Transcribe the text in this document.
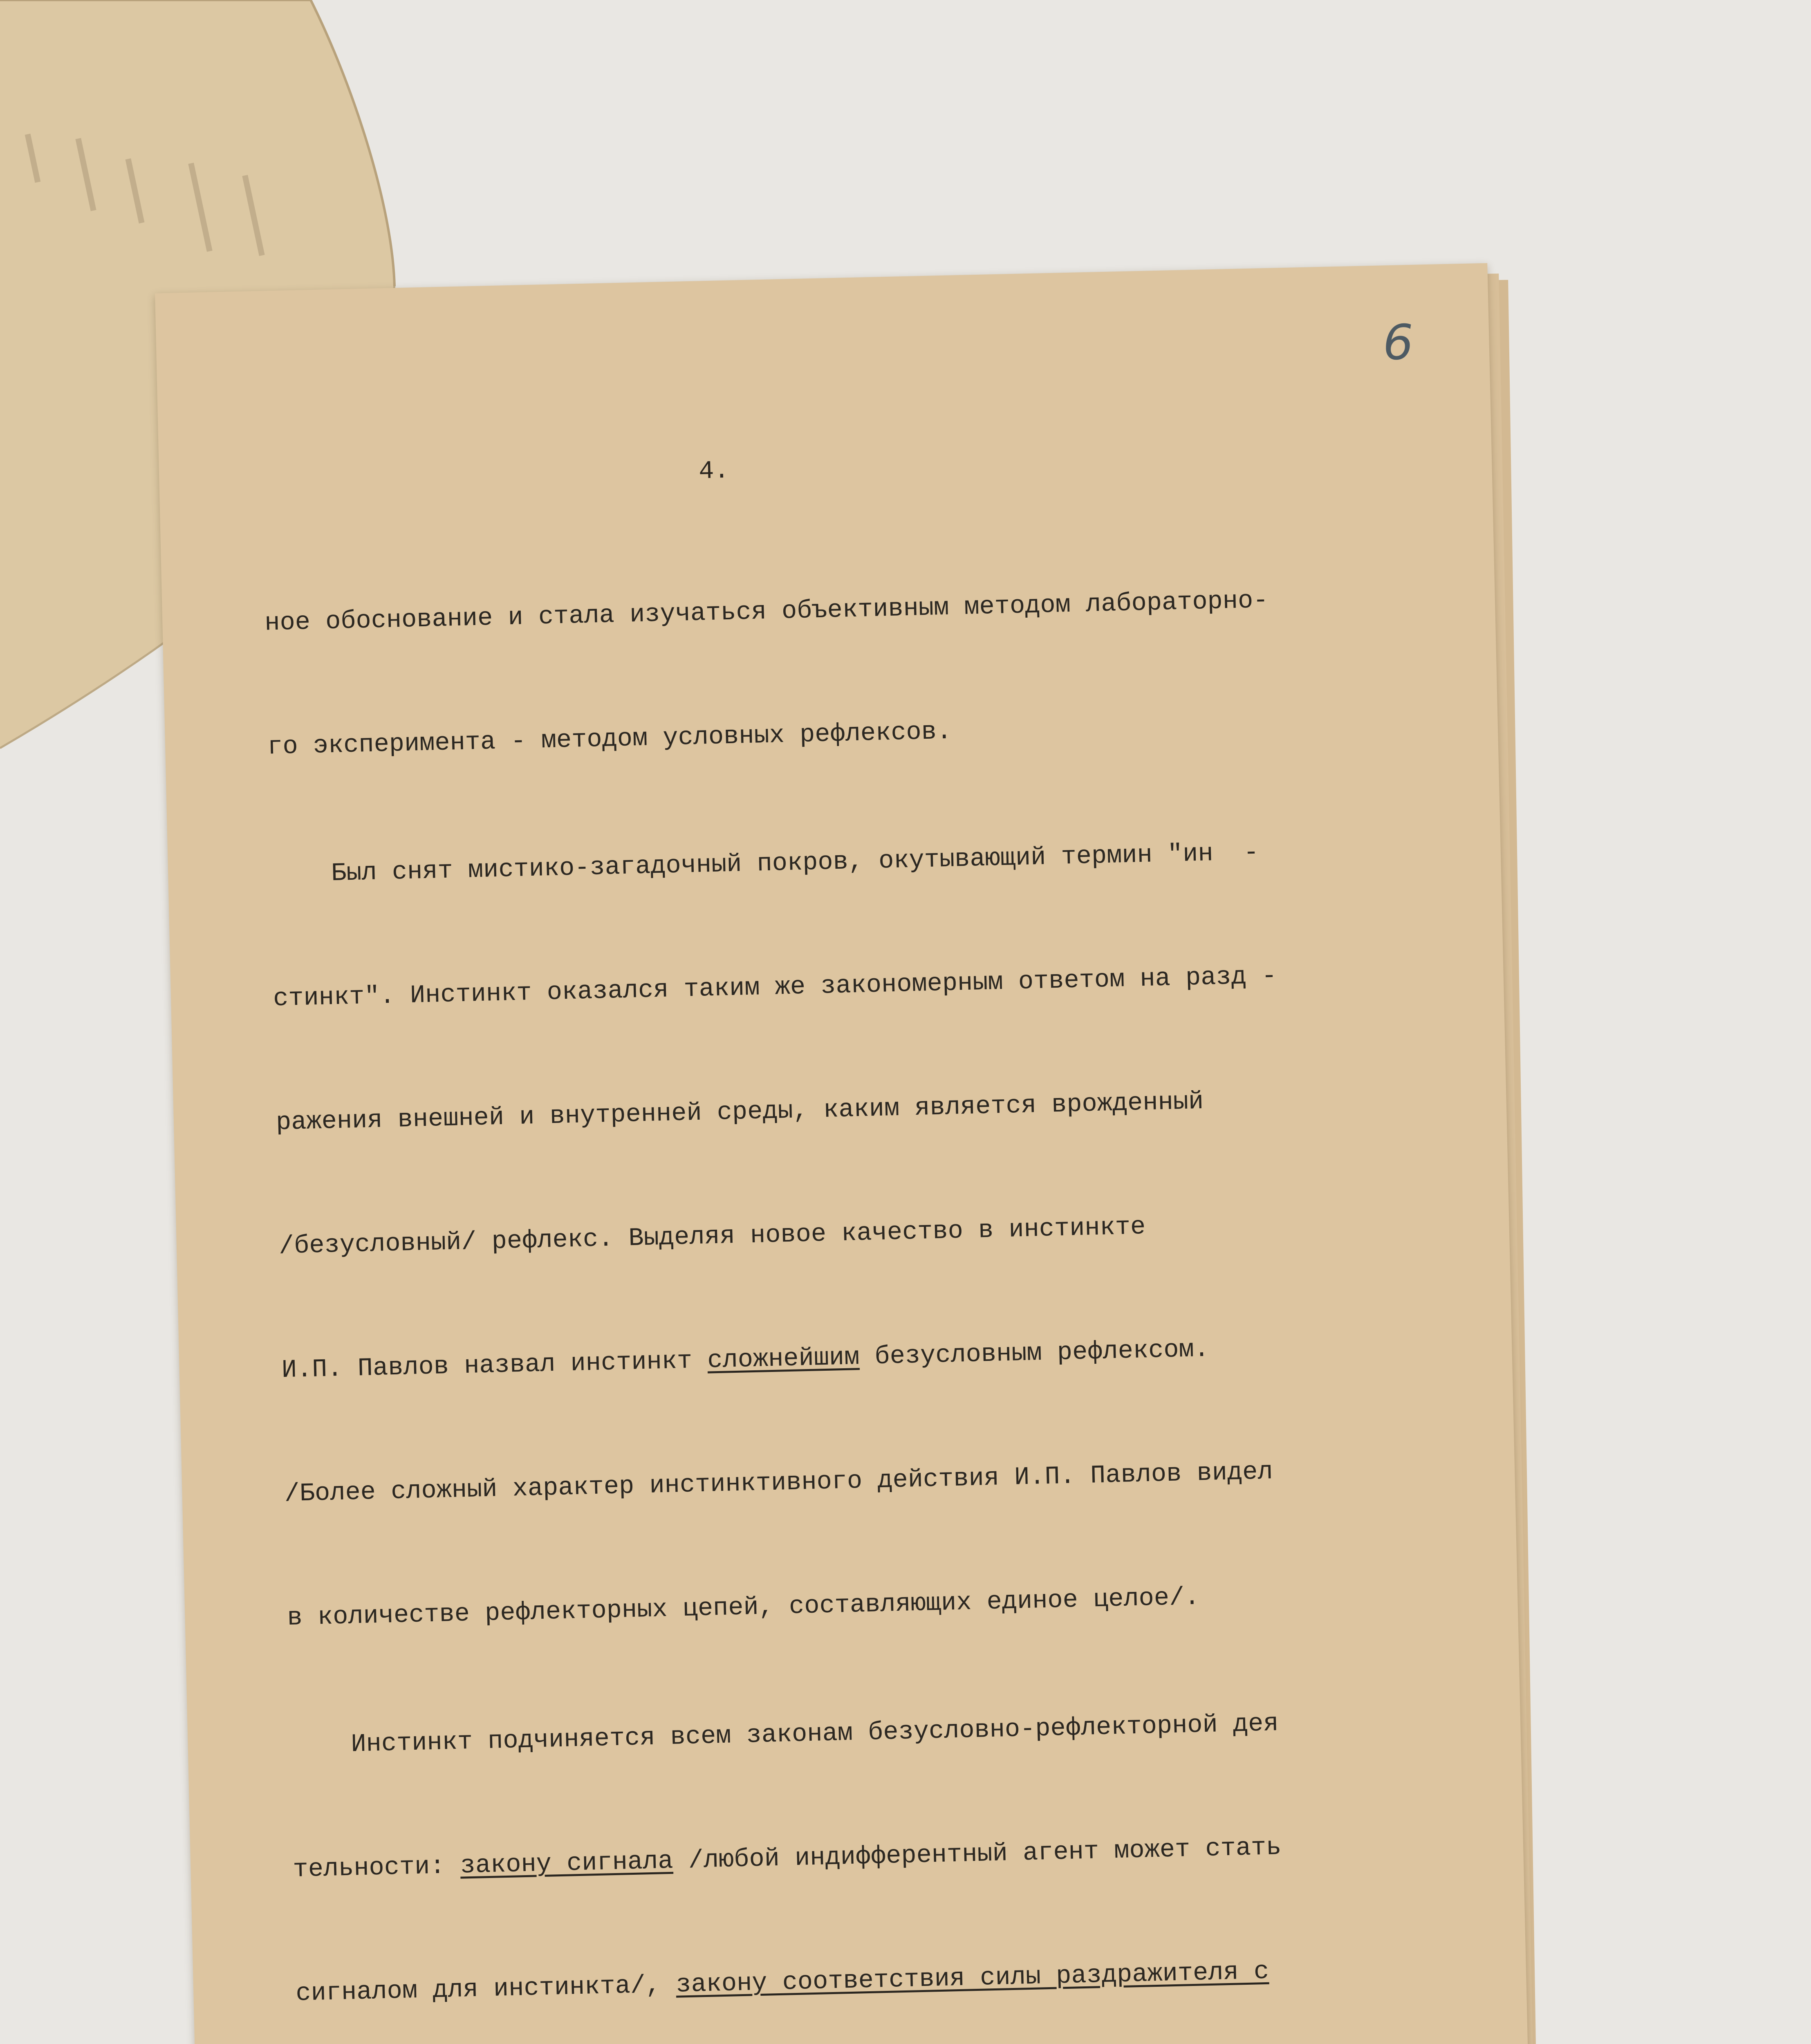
6
4.

ное обоснование и стала изучаться объективным методом лабораторно-

го эксперимента - методом условных рефлексов.

Был снят мистико-загадочный покров, окутывающий термин "ин  -

стинкт". Инстинкт оказался таким же закономерным ответом на разд -

ражения внешней и внутренней среды, каким является врожденный

/безусловный/ рефлекс. Выделяя новое качество в инстинкте

И.П. Павлов назвал инстинкт сложнейшим безусловным рефлексом.

/Более сложный характер инстинктивного действия И.П. Павлов видел

в количестве рефлекторных цепей, составляющих единое целое/.

Инстинкт подчиняется всем законам безусловно-рефлекторной дея

тельности: закону сигнала /любой индифферентный агент может стать

сигналом для инстинкта/, закону соответствия силы раздражителя с
